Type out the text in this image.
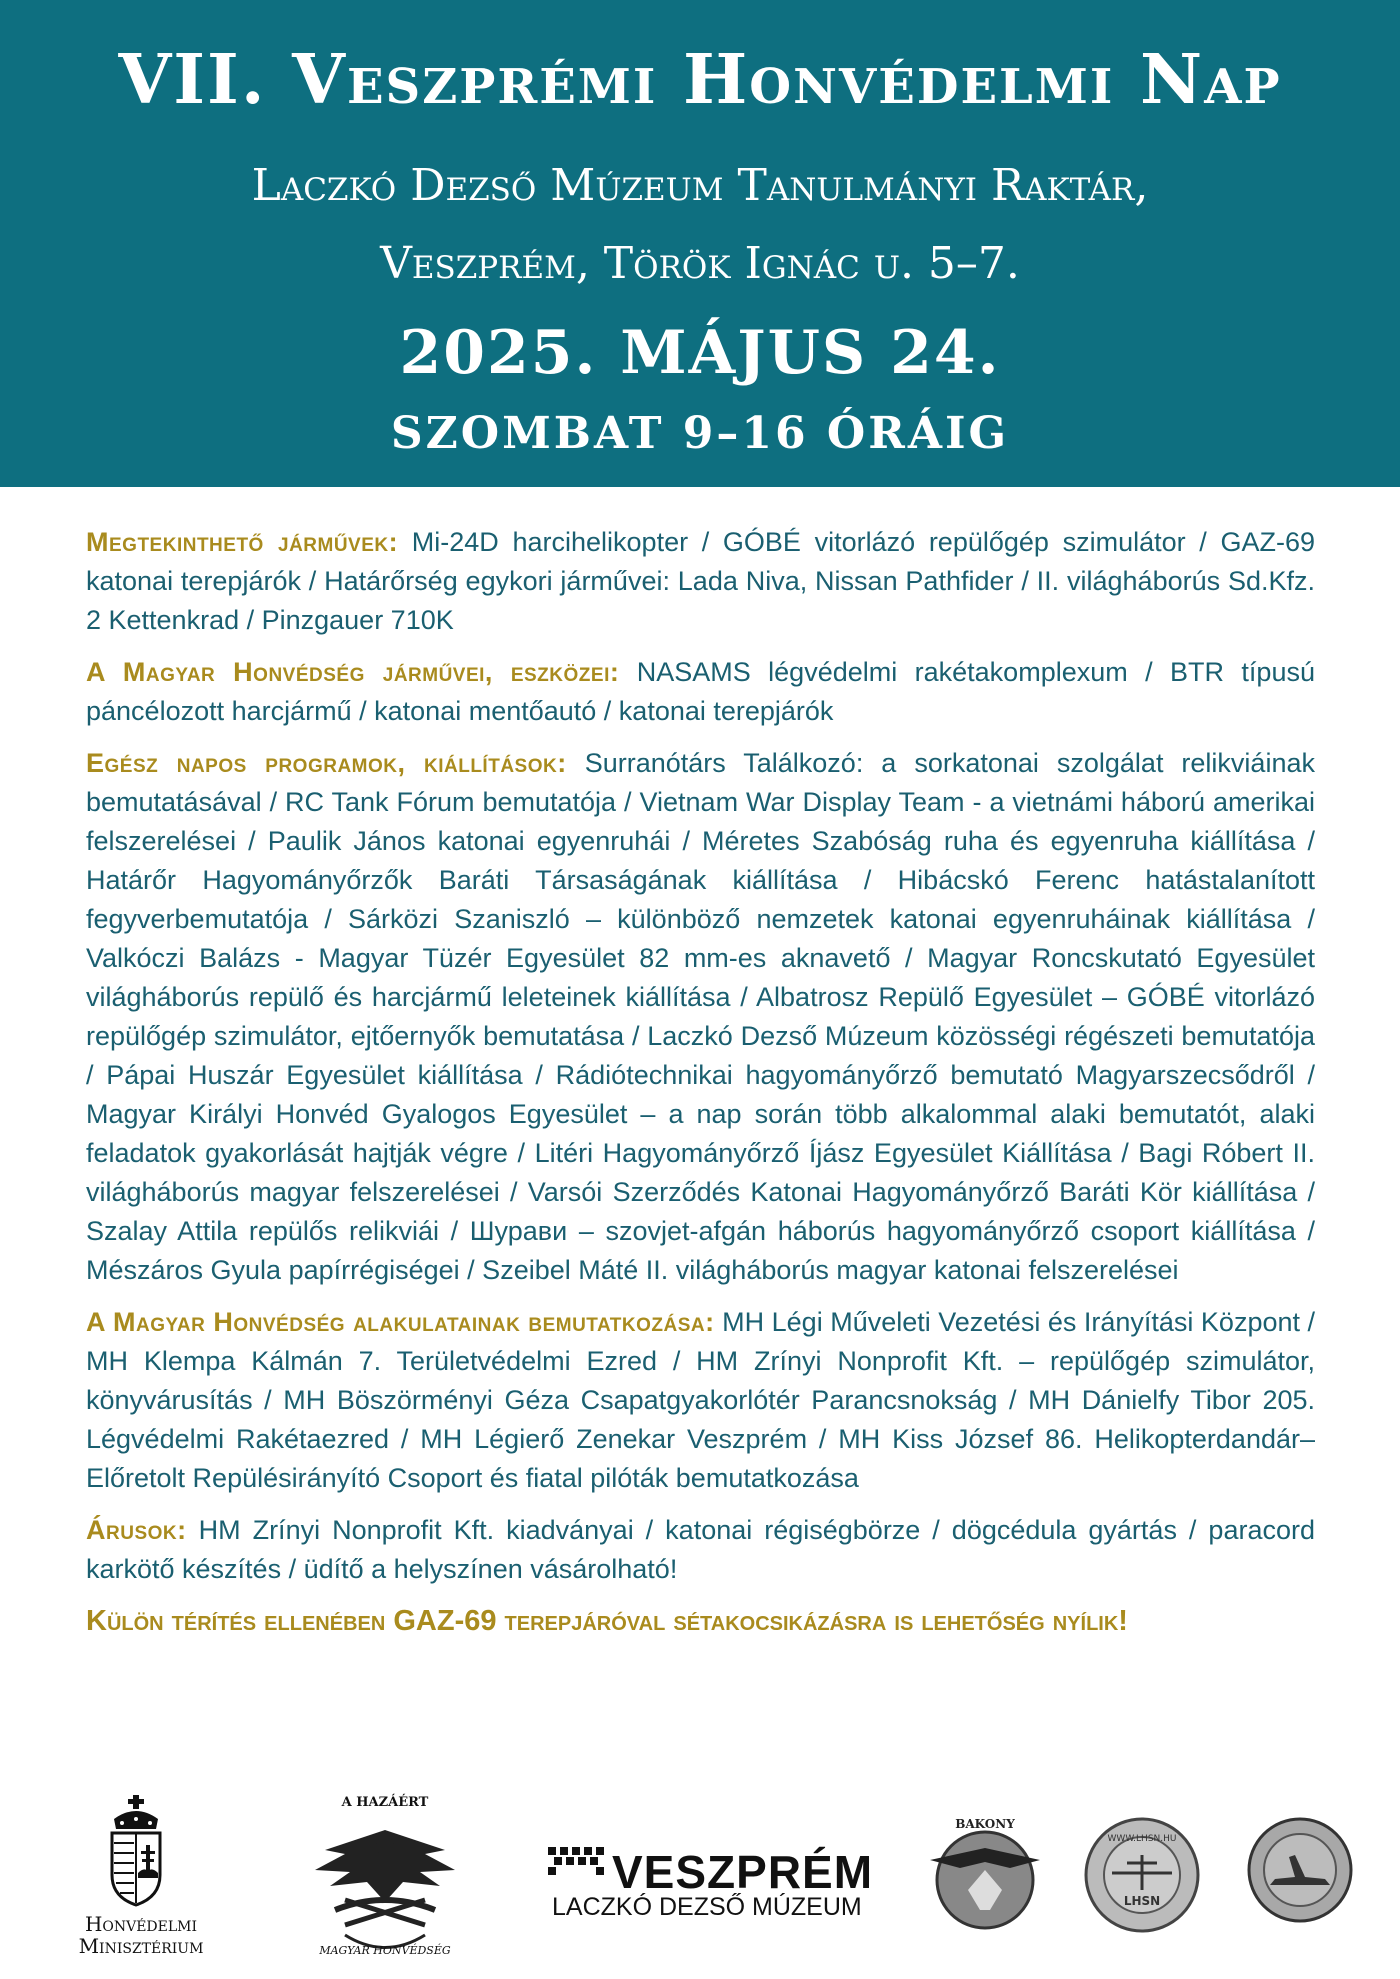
VII. Veszprémi Honvédelmi Nap
Laczkó Dezső Múzeum Tanulmányi Raktár,
Veszprém, Török Ignác u. 5–7.
2025. MÁJUS 24.
SZOMBAT 9–16 ÓRÁIG

Megtekinthető járművek: Mi-24D harcihelikopter / GÓBÉ vitorlázó repülőgép szimulátor / GAZ-69 katonai terepjárók / Határőrség egykori járművei: Lada Niva, Nissan Pathfider / II. világháborús Sd.Kfz. 2 Kettenkrad / Pinzgauer 710K

A Magyar Honvédség járművei, eszközei: NASAMS légvédelmi rakétakomplexum / BTR típusú páncélozott harcjármű / katonai mentőautó / katonai terepjárók

Egész napos programok, kiállítások: Surranótárs Találkozó: a sorkatonai szolgálat relikviáinak bemutatásával / RC Tank Fórum bemutatója / Vietnam War Display Team - a vietnámi háború amerikai felszerelései / Paulik János katonai egyenruhái / Méretes Szabóság ruha és egyenruha kiállítása / Határőr Hagyományőrzők Baráti Társaságának kiállítása / Hibácskó Ferenc hatástalanított fegyverbemutatója / Sárközi Szaniszló – különböző nemzetek katonai egyenruháinak kiállítása / Valkóczi Balázs - Magyar Tüzér Egyesület 82 mm-es aknavető / Magyar Roncskutató Egyesület világháborús repülő és harcjármű leleteinek kiállítása / Albatrosz Repülő Egyesület – GÓBÉ vitorlázó repülőgép szimulátor, ejtőernyők bemutatása / Laczkó Dezső Múzeum közösségi régészeti bemutatója / Pápai Huszár Egyesület kiállítása / Rádiótechnikai hagyományőrző bemutató Magyarszecsődről / Magyar Királyi Honvéd Gyalogos Egyesület – a nap során több alkalommal alaki bemutatót, alaki feladatok gyakorlását hajtják végre / Litéri Hagyományőrző Íjász Egyesület Kiállítása / Bagi Róbert II. világháborús magyar felszerelései / Varsói Szerződés Katonai Hagyományőrző Baráti Kör kiállítása / Szalay Attila repülős relikviái / Шурави – szovjet-afgán háborús hagyományőrző csoport kiállítása / Mészáros Gyula papírrégiségei / Szeibel Máté II. világháborús magyar katonai felszerelései

A Magyar Honvédség alakulatainak bemutatkozása: MH Légi Műveleti Vezetési és Irányítási Központ / MH Klempa Kálmán 7. Területvédelmi Ezred / HM Zrínyi Nonprofit Kft. – repülőgép szimulátor, könyvárusítás / MH Böszörményi Géza Csapatgyakorlótér Parancsnokság / MH Dánielfy Tibor 205. Légvédelmi Rakétaezred / MH Légierő Zenekar Veszprém / MH Kiss József 86. Helikopterdandár– Előretolt Repülésirányító Csoport és fiatal pilóták bemutatkozása

Árusok: HM Zrínyi Nonprofit Kft. kiadványai / katonai régiségbörze / dögcédula gyártás / paracord karkötő készítés / üdítő a helyszínen vásárolható!

Külön térítés ellenében GAZ-69 terepjáróval sétakocsikázásra is lehetőség nyílik!

Honvédelmi
Minisztérium
A HAZÁÉRT
MAGYAR HONVÉDSÉG
VESZPRÉM
LACZKÓ DEZSŐ MÚZEUM
BAKONY
WWW.LHSN.HU
LHSN
